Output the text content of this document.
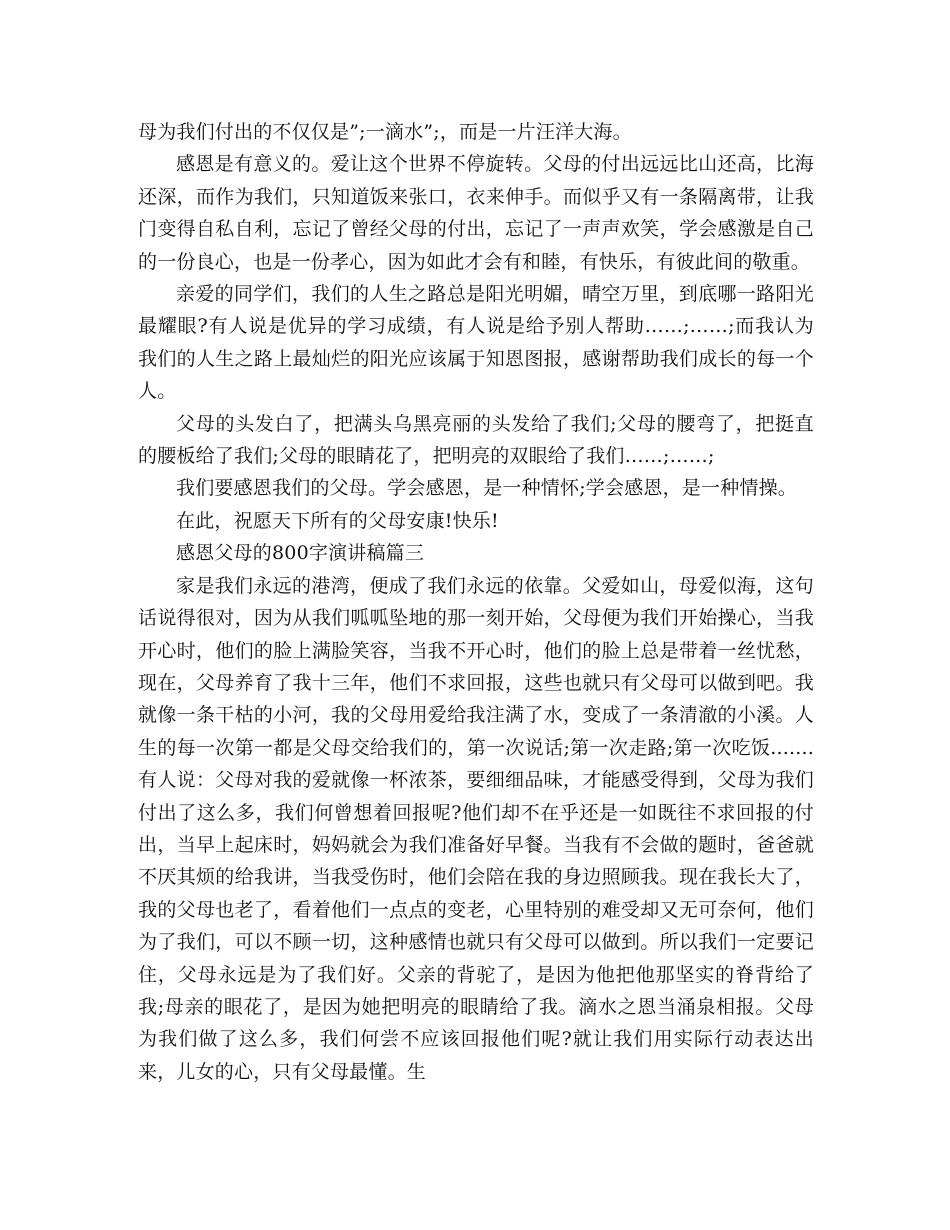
母为我们付出的不仅仅是”;一滴水”;，而是一片汪洋大海。

感恩是有意义的。爱让这个世界不停旋转。父母的付出远远比山还高，比海还深，而作为我们，只知道饭来张口，衣来伸手。而似乎又有一条隔离带，让我门变得自私自利，忘记了曾经父母的付出，忘记了一声声欢笑，学会感激是自己的一份良心，也是一份孝心，因为如此才会有和睦，有快乐，有彼此间的敬重。

亲爱的同学们，我们的人生之路总是阳光明媚，晴空万里，到底哪一路阳光最耀眼?有人说是优异的学习成绩，有人说是给予别人帮助……;……;而我认为我们的人生之路上最灿烂的阳光应该属于知恩图报，感谢帮助我们成长的每一个人。

父母的头发白了，把满头乌黑亮丽的头发给了我们;父母的腰弯了，把挺直的腰板给了我们;父母的眼睛花了，把明亮的双眼给了我们……;……;

我们要感恩我们的父母。学会感恩，是一种情怀;学会感恩，是一种情操。

在此，祝愿天下所有的父母安康!快乐!

感恩父母的800字演讲稿篇三

家是我们永远的港湾，便成了我们永远的依靠。父爱如山，母爱似海，这句话说得很对，因为从我们呱呱坠地的那一刻开始，父母便为我们开始操心，当我开心时，他们的脸上满脸笑容，当我不开心时，他们的脸上总是带着一丝忧愁，现在，父母养育了我十三年，他们不求回报，这些也就只有父母可以做到吧。我就像一条干枯的小河，我的父母用爱给我注满了水，变成了一条清澈的小溪。人生的每一次第一都是父母交给我们的，第一次说话;第一次走路;第一次吃饭.......有人说：父母对我的爱就像一杯浓茶，要细细品味，才能感受得到，父母为我们付出了这么多，我们何曾想着回报呢?他们却不在乎还是一如既往不求回报的付出，当早上起床时，妈妈就会为我们准备好早餐。当我有不会做的题时，爸爸就不厌其烦的给我讲，当我受伤时，他们会陪在我的身边照顾我。现在我长大了，我的父母也老了，看着他们一点点的变老，心里特别的难受却又无可奈何，他们为了我们，可以不顾一切，这种感情也就只有父母可以做到。所以我们一定要记住，父母永远是为了我们好。父亲的背驼了，是因为他把他那坚实的脊背给了我;母亲的眼花了，是因为她把明亮的眼睛给了我。滴水之恩当涌泉相报。父母为我们做了这么多，我们何尝不应该回报他们呢?就让我们用实际行动表达出来，儿女的心，只有父母最懂。生
